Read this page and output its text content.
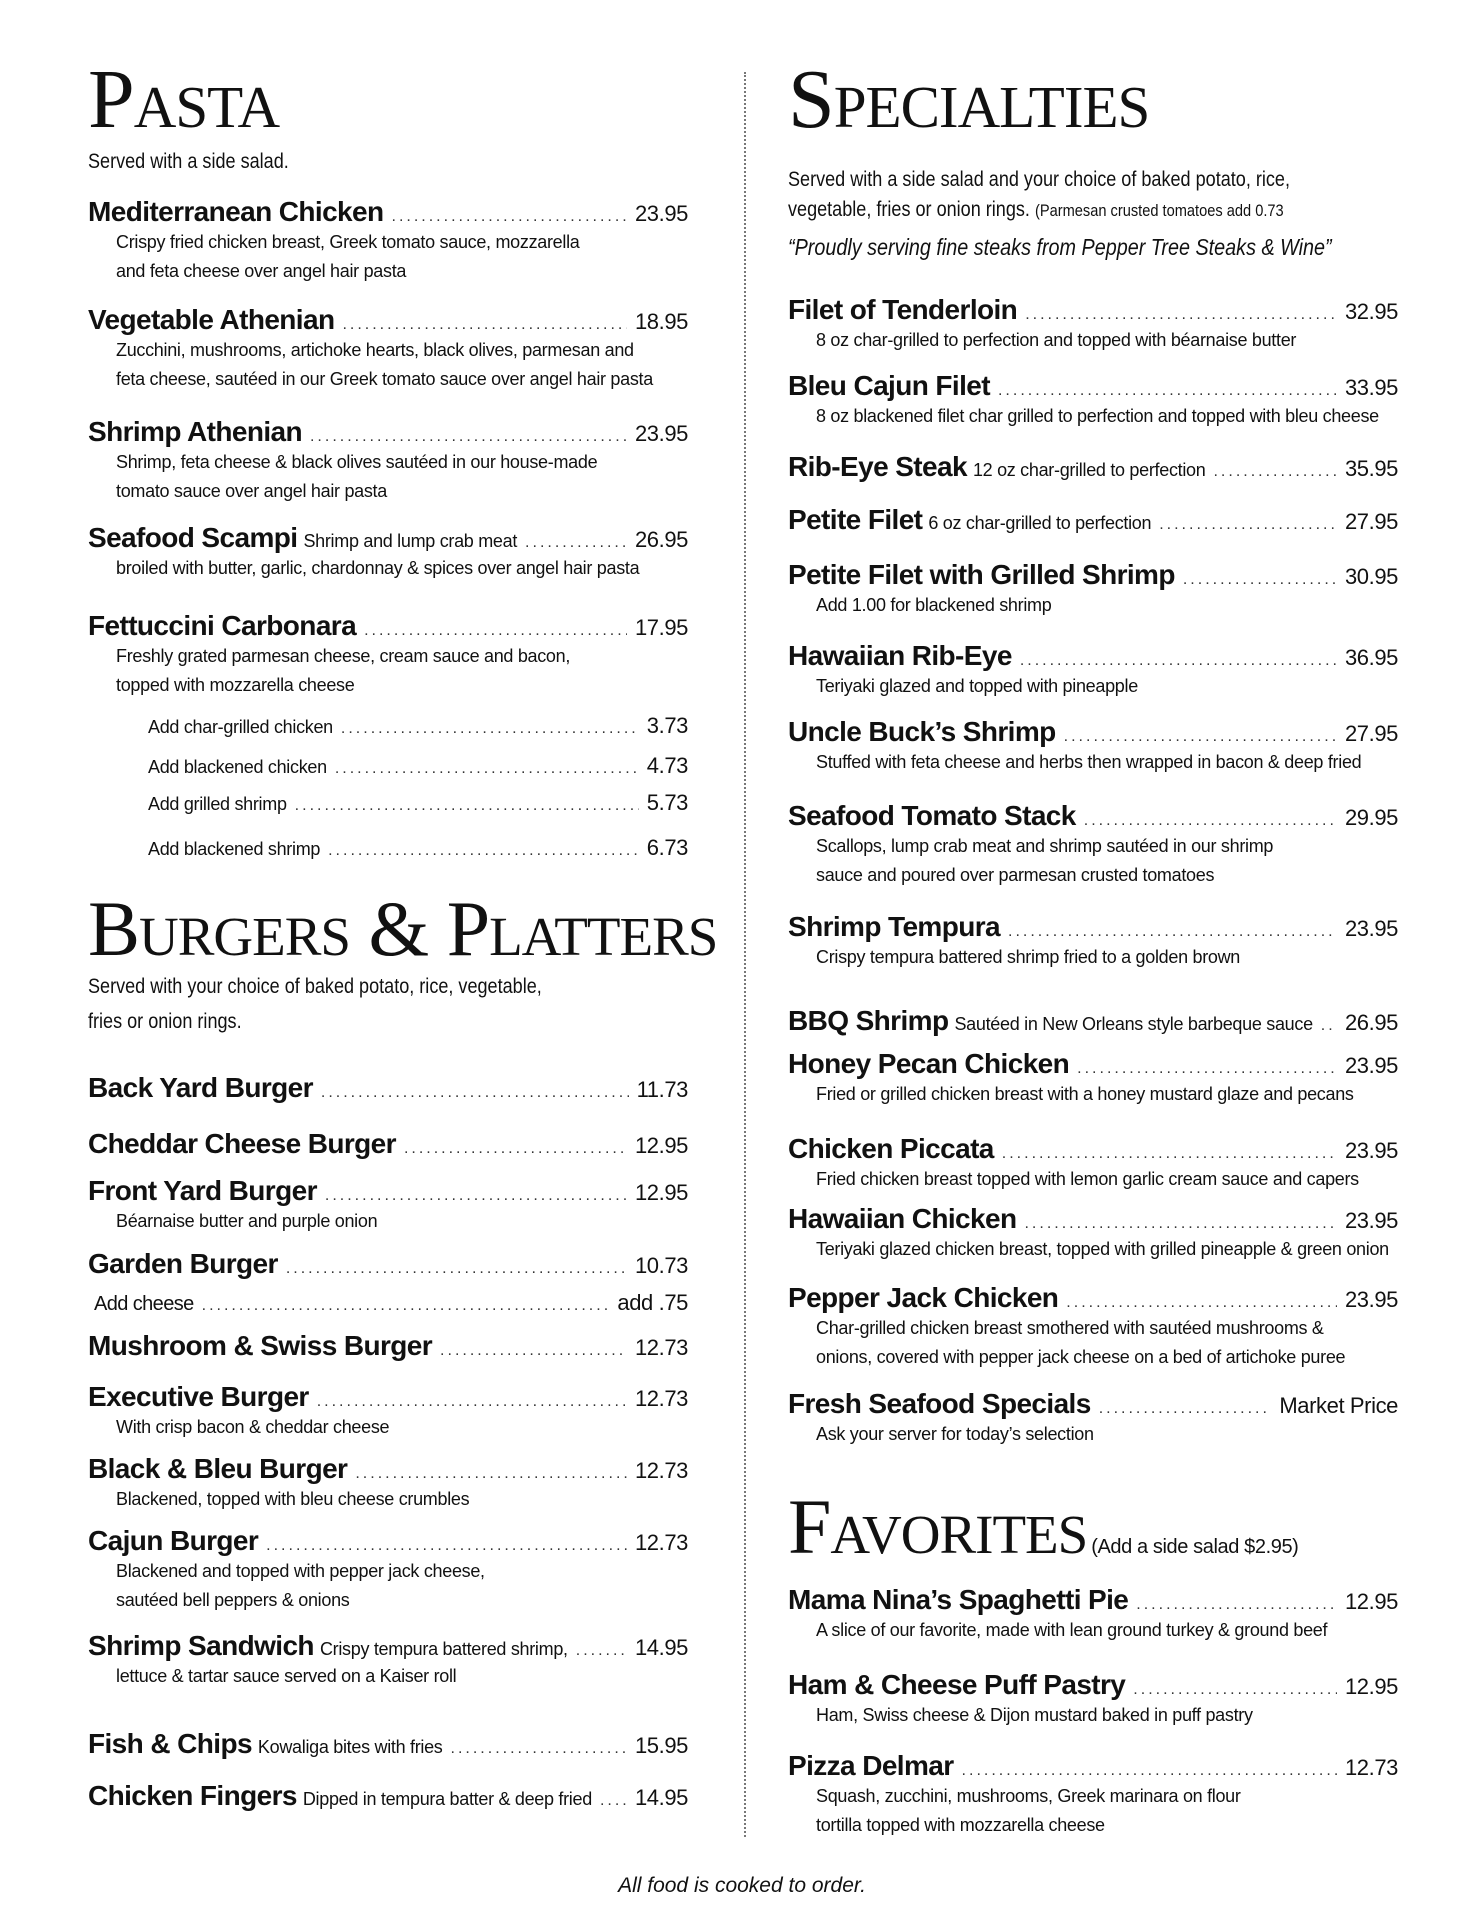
Pasta
Served with a side salad.
Mediterranean Chicken .....	23.95
Crispy fried chicken breast, Greek tomato sauce, mozzarella
and feta cheese over angel hair pasta
Vegetable Athenian .....	18.95
Zucchini, mushrooms, artichoke hearts, black olives, parmesan and
feta cheese, sautéed in our Greek tomato sauce over angel hair pasta
Shrimp Athenian .....	23.95
Shrimp, feta cheese & black olives sautéed in our house-made
tomato sauce over angel hair pasta
Seafood Scampi Shrimp and lump crab meat .....	26.95
broiled with butter, garlic, chardonnay & spices over angel hair pasta
Fettuccini Carbonara .....	17.95
Freshly grated parmesan cheese, cream sauce and bacon,
topped with mozzarella cheese
Add char-grilled chicken .....	3.73
Add blackened chicken .....	4.73
Add grilled shrimp .....	5.73
Add blackened shrimp .....	6.73
Burgers & Platters
Served with your choice of baked potato, rice, vegetable,
fries or onion rings.
Back Yard Burger .....	11.73
Cheddar Cheese Burger .....	12.95
Front Yard Burger .....	12.95
Béarnaise butter and purple onion
Garden Burger .....	10.73
Add cheese .....	add .75
Mushroom & Swiss Burger .....	12.73
Executive Burger .....	12.73
With crisp bacon & cheddar cheese
Black & Bleu Burger .....	12.73
Blackened, topped with bleu cheese crumbles
Cajun Burger .....	12.73
Blackened and topped with pepper jack cheese,
sautéed bell peppers & onions
Shrimp Sandwich Crispy tempura battered shrimp, .....	14.95
lettuce & tartar sauce served on a Kaiser roll
Fish & Chips Kowaliga bites with fries .....	15.95
Chicken Fingers Dipped in tempura batter & deep fried ..... 14.95
Specialties
Served with a side salad and your choice of baked potato, rice,
vegetable, fries or onion rings. (Parmesan crusted tomatoes add 0.73
“Proudly serving fine steaks from Pepper Tree Steaks & Wine”
Filet of Tenderloin .....	32.95
8 oz char-grilled to perfection and topped with béarnaise butter
Bleu Cajun Filet .....	33.95
8 oz blackened filet char grilled to perfection and topped with bleu cheese
Rib-Eye Steak 12 oz char-grilled to perfection .....	35.95
Petite Filet 6 oz char-grilled to perfection .....	27.95
Petite Filet with Grilled Shrimp .....	30.95
Add 1.00 for blackened shrimp
Hawaiian Rib-Eye .....	36.95
Teriyaki glazed and topped with pineapple
Uncle Buck’s Shrimp .....	27.95
Stuffed with feta cheese and herbs then wrapped in bacon & deep fried
Seafood Tomato Stack .....	29.95
Scallops, lump crab meat and shrimp sautéed in our shrimp
sauce and poured over parmesan crusted tomatoes
Shrimp Tempura .....	23.95
Crispy tempura battered shrimp fried to a golden brown
BBQ Shrimp Sautéed in New Orleans style barbeque sauce ..... 26.95
Honey Pecan Chicken .....	23.95
Fried or grilled chicken breast with a honey mustard glaze and pecans
Chicken Piccata .....	23.95
Fried chicken breast topped with lemon garlic cream sauce and capers
Hawaiian Chicken .....	23.95
Teriyaki glazed chicken breast, topped with grilled pineapple & green onion
Pepper Jack Chicken .....	23.95
Char-grilled chicken breast smothered with sautéed mushrooms &
onions, covered with pepper jack cheese on a bed of artichoke puree
Fresh Seafood Specials .....	Market Price
Ask your server for today’s selection
Favorites (Add a side salad $2.95)
Mama Nina’s Spaghetti Pie .....	12.95
A slice of our favorite, made with lean ground turkey & ground beef
Ham & Cheese Puff Pastry .....	12.95
Ham, Swiss cheese & Dijon mustard baked in puff pastry
Pizza Delmar .....	12.73
Squash, zucchini, mushrooms, Greek marinara on flour
tortilla topped with mozzarella cheese
All food is cooked to order.
